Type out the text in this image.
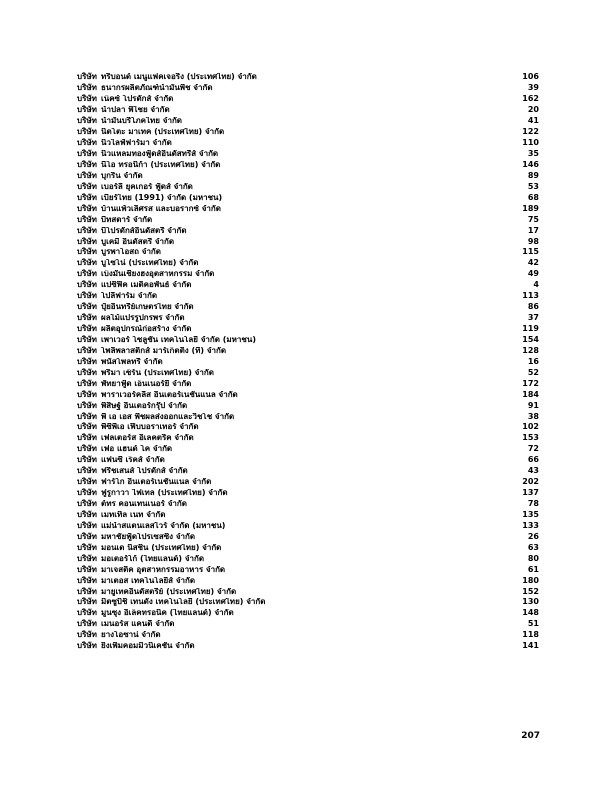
บริษัท ทริบอนด์ เมนูแฟคเจอริ่ง (ประเทศไทย) จำกัด	106
บริษัท ธนากรผลิตภัณฑ์น้ำมันพืช จำกัด	39
บริษัท เน็คซ์ โปรดักส์ จำกัด	162
บริษัท น้ำปลา พิไชย จำกัด	20
บริษัท น้ำมันบริโภคไทย จำกัด	41
บริษัท นิตโตะ มาเทค (ประเทศไทย) จำกัด	122
บริษัท นิวไลฟ์ฟาร์มา จำกัด	110
บริษัท นิวแหลมทองฟู้ดส์อินดัสทรีส์ จำกัด	35
บริษัท นีโอ ทรอนิก้า (ประเทศไทย) จำกัด	146
บริษัท บุกริน จำกัด	89
บริษัท เบอร์ลี่ ยุคเกอร์ ฟู้ดส์ จำกัด	53
บริษัท เบียร์ไทย (1991) จำกัด (มหาชน)	68
บริษัท บ้านแพ้วเลิศรส และบอรากซ์ จำกัด	189
บริษัท บีทสตาร์ จำกัด	75
บริษัท บีโปรดักส์อินดัสตรี้ จำกัด	17
บริษัท บูเคมี อินดัสตรี จำกัด	98
บริษัท บูรพาโอสถ จำกัด	115
บริษัท บูโซโน่ (ประเทศไทย) จำกัด	42
บริษัท เบ็งมันเชียงฮงอุตสาหกรรม จำกัด	49
บริษัท แปซิฟิค เมดิคอพันธ์ จำกัด	4
บริษัท โปลีฟาร์ม จำกัด	113
บริษัท ปุ๋ยอินทรีย์เกษตรไทย จำกัด	86
บริษัท ผลไม้แปรรูปกรพร จำกัด	37
บริษัท ผลิตอุปกรณ์ก่อสร้าง จำกัด	119
บริษัท เพาเวอร์ โซลูชั่น เทคโนโลยี จำกัด (มหาชน)	154
บริษัท โพลิพลาสติกส์ มาร์เก็ตติ้ง (ที) จำกัด	128
บริษัท พนัสโพลทรี จำกัด	16
บริษัท พริมา เซ็ร์น (ประเทศไทย) จำกัด	52
บริษัท พัทยาฟู้ด เอ็นเนอร์ยี่ จำกัด	172
บริษัท พาราเวอร์คลีส อินเตอร์เนชั่นแนล จำกัด	184
บริษัท พิสิษฐ์ อินเตอร์กรุ๊ป จำกัด	91
บริษัท พี เอ เอส พืชผลส่งออกและวิชโช จำกัด	38
บริษัท พีซีพีเอ เฟิบบอราเทอร์ จำกัด	102
บริษัท เฟลเตอร์ส อิเลคตริค จำกัด	153
บริษัท เฟอ แฮนด์ โค จำกัด	72
บริษัท แฟนซี เร็คส์ จำกัด	66
บริษัท ฟริชเสนส์ โปรดักส์ จำกัด	43
บริษัท ฟาร์โก อินเตอร์เนชั่นแนล จำกัด	202
บริษัท ฟูรูกาวา ไฟเทล (ประเทศไทย) จำกัด	137
บริษัท ต์ทร คอนเทนเนอร์ จำกัด	78
บริษัท เมทเทิล เนท จำกัด	135
บริษัท แม่น้ำสแตนเลสไวร์ จำกัด (มหาชน)	133
บริษัท มหาชัยฟู้ดโปรเซสซิ่ง จำกัด	26
บริษัท มอนเด นิสชิน (ประเทศไทย) จำกัด	63
บริษัท มอเตอร์โก้ (ไทยแลนด์) จำกัด	80
บริษัท มาเจสติค อุตสาหกรรมอาหาร จำกัด	61
บริษัท มาเตอส เทคโนโลยีส์ จำกัด	180
บริษัท มายูเทคอินดัสตรีย์ (ประเทศไทย) จำกัด	152
บริษัท มิตซูบิชิ เทนดั้ง เทคโนโลยี (ประเทศไทย) จำกัด	130
บริษัท มูนซุง อิเล็คทรอนิค (ไทยแลนด์) จำกัด	148
บริษัท เมนอร์ส แคนดี้ จำกัด	51
บริษัท ยางโอซาน่ จำกัด	118
บริษัท ยิ่งเพิ่มคอมมิวนิเคชั่น จำกัด	141
207
